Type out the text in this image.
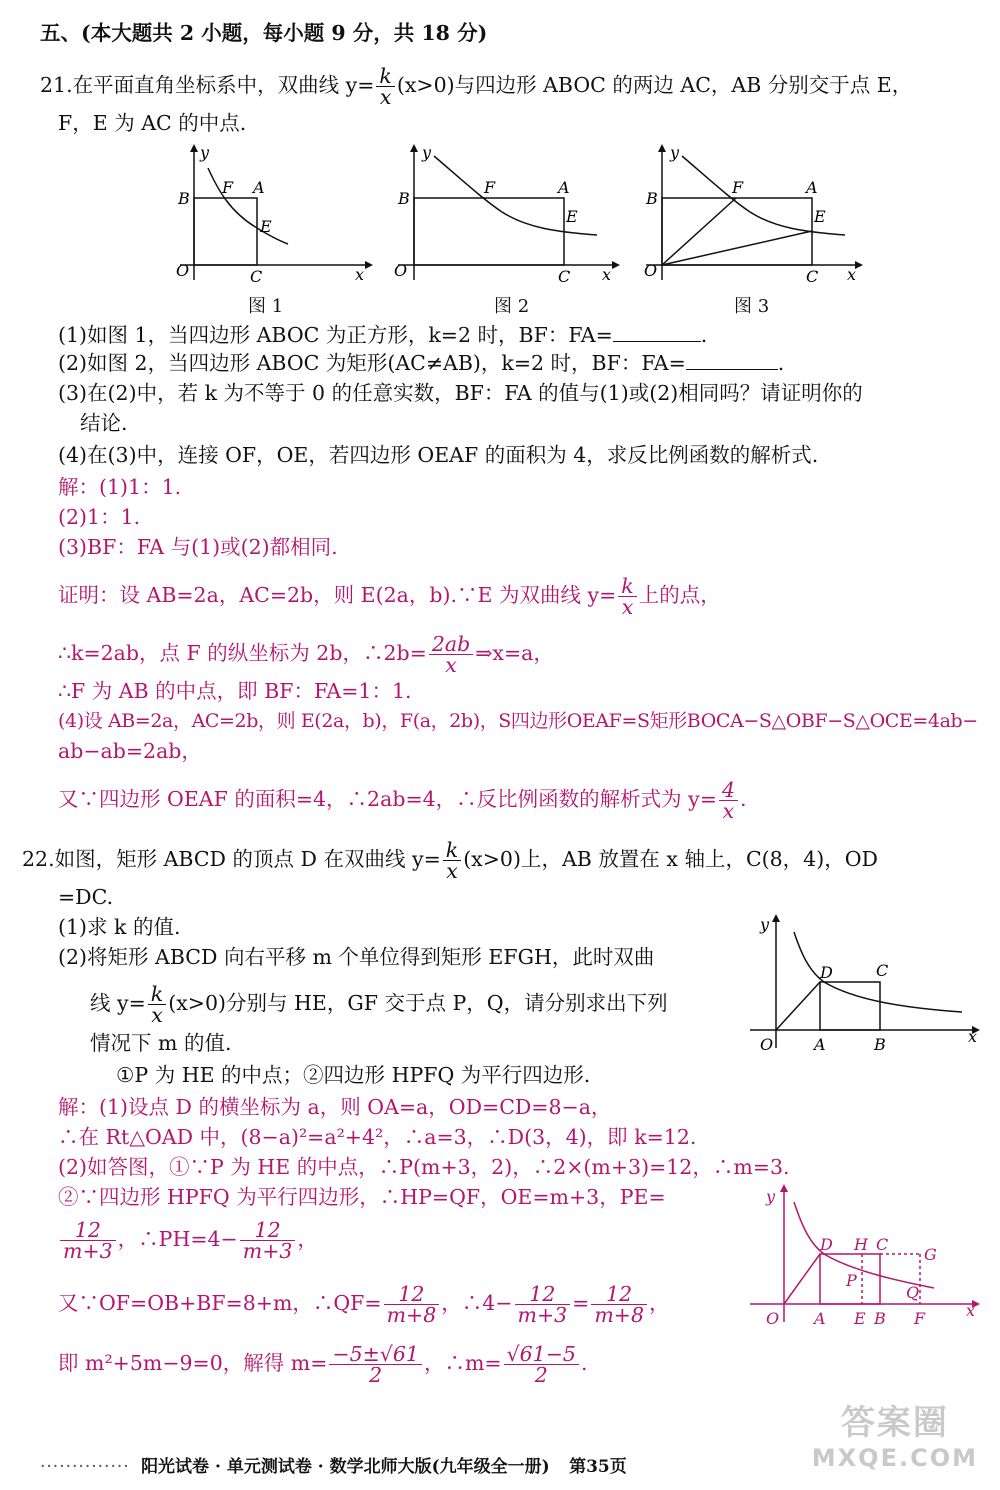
五、(本大题共 2 小题，每小题 9 分，共 18 分)
21.在平面直角坐标系中，双曲线 $y= \frac{k}{x} (x>0)$与四边形 ABOC 的两边 AC，AB 分别交于点 E，
F，E 为 AC 的中点.
y
x
O
B
C
A
F
E
y
x
O
B
C
A
F
E
y
x
O
B
C
A
F
E
图 1	图 2	图 3
(1)如图 1，当四边形 ABOC 为正方形，k=2 时，BF：FA=	.
(2)如图 2，当四边形 ABOC 为矩形(AC≠AB)，k=2 时，BF：FA=	.
(3)在(2)中，若 k 为不等于 0 的任意实数，BF：FA 的值与(1)或(2)相同吗？请证明你的
结论.
(4)在(3)中，连接 OF，OE，若四边形 OEAF 的面积为 4，求反比例函数的解析式.
解：(1)1：1.
(2)1：1.
(3)BF：FA 与(1)或(2)都相同.
证明：设 AB=2a，AC=2b，则 E(2a，b).∵E 为双曲线 $y= \frac{k}{x}$ 上的点，
∴k=2ab，点 F 的纵坐标为 2b，∴2b= $\frac{2ab}{x}$ ⇒x=a，
∴F 为 AB 的中点，即 BF：FA=1：1.
(4)设 AB=2a，AC=2b，则 E(2a，b)，F(a，2b)，S四边形OEAF=S矩形BOCA−S△OBF−S△OCE=4ab−
ab−ab=2ab，
又∵四边形 OEAF 的面积=4，∴2ab=4，∴反比例函数的解析式为 $y= \frac{4}{x}$ .
22.如图，矩形 ABCD 的顶点 D 在双曲线 $y= \frac{k}{x} (x>0)$上，AB 放置在 x 轴上，C(8，4)，OD
=DC.
(1)求 k 的值.
(2)将矩形 ABCD 向右平移 m 个单位得到矩形 EFGH，此时双曲
线 $y= \frac{k}{x} (x>0)$分别与 HE，GF 交于点 P，Q，请分别求出下列
情况下 m 的值.
①P 为 HE 的中点；②四边形 HPFQ 为平行四边形.
y
x
O	A	B
C
D
解：(1)设点 D 的横坐标为 a，则 OA=a，OD=CD=8−a，
∴在 Rt△OAD 中，(8−a)²=a²+4²，∴a=3，∴D(3，4)，即 k=12.
(2)如答图，①∵P 为 HE 的中点，∴P(m+3，2)，∴2×(m+3)=12，∴m=3.
②∵四边形 HPFQ 为平行四边形，∴HP=QF，OE=m+3，PE=
$\frac{12}{m+3}$ ，∴PH=4− $\frac{12}{m+3}$ ，
又∵OF=OB+BF=8+m，∴QF= $\frac{12}{m+8}$ ，∴4− $\frac{12}{m+3} = \frac{12}{m+8}$ ，
即 m²+5m−9=0，解得 $m= \frac{-5\pm√61}{2}$ ，∴m= $\frac{√61-5}{2}$ .
y
x
O A E B F
D H C
G
P
Q
·············· 阳光试卷 · 单元测试卷 · 数学北师大版(九年级全一册) 第35页
答案圈
MXQE.COM
